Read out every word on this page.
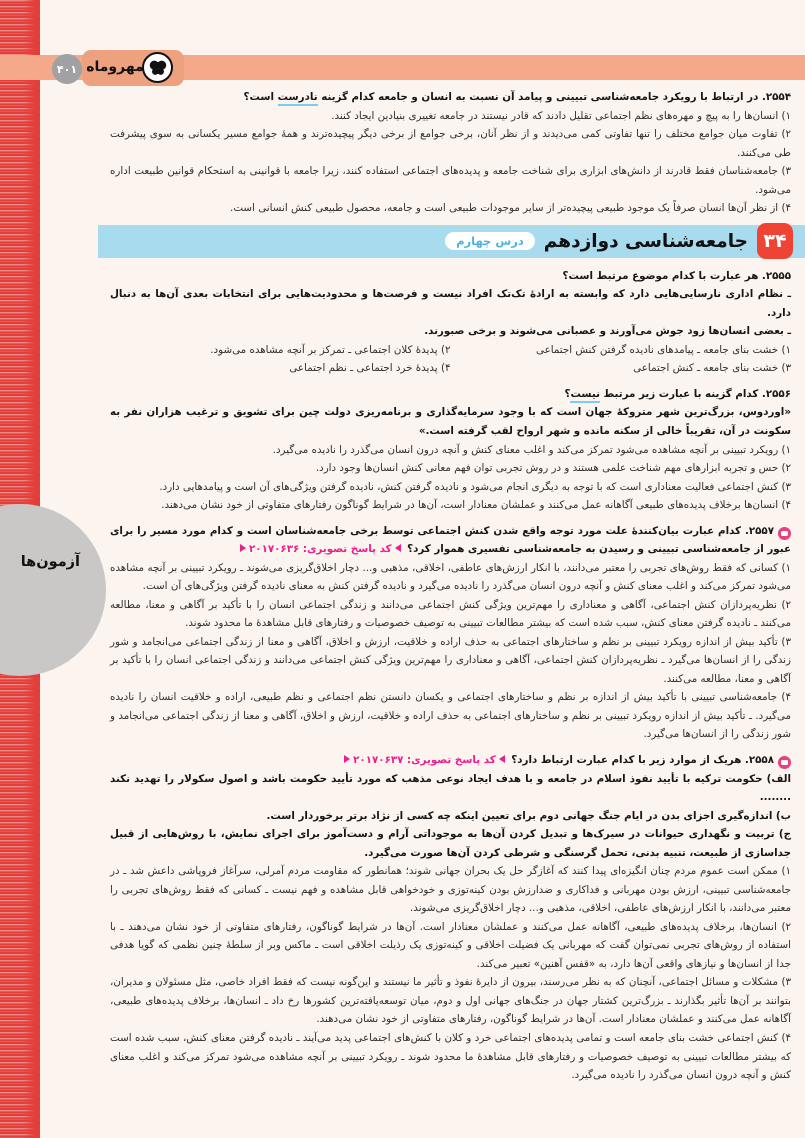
مهروماه
۴۰۱
آزمون‌ها

۲۵۵۴. در ارتباط با رویکرد جامعه‌شناسی تبیینی و پیامد آن نسبت به انسان و جامعه کدام گزینه نادرست است؟

۱) انسان‌ها را به پیچ و مهره‌های نظم اجتماعی تقلیل دادند که قادر نیستند در جامعه تغییری بنیادین ایجاد کنند.

۲) تفاوت میان جوامع مختلف را تنها تفاوتی کمی می‌دیدند و از نظر آنان، برخی جوامع از برخی دیگر پیچیده‌ترند و همهٔ جوامع مسیر یکسانی به سوی پیشرفت طی می‌کنند.

۳) جامعه‌شناسان فقط قادرند از دانش‌های ابزاری برای شناخت جامعه و پدیده‌های اجتماعی استفاده کنند، زیرا جامعه با قوانینی به استحکام قوانین طبیعت اداره می‌شود.

۴) از نظر آن‌ها انسان صرفاً یک موجود طبیعی پیچیده‌تر از سایر موجودات طبیعی است و جامعه، محصول طبیعی کنش انسانی است.

۳۴
جامعه‌شناسی دوازدهم
درس چهارم

۲۵۵۵. هر عبارت با کدام موضوع مرتبط است؟

ـ نظام اداری نارسایی‌هایی دارد که وابسته به ارادهٔ تک‌تک افراد نیست و فرصت‌ها و محدودیت‌هایی برای انتخابات بعدی آن‌ها به دنبال دارد.

ـ بعضی انسان‌ها زود جوش می‌آورند و عصبانی می‌شوند و برخی صبورند.

۱) خشت بنای جامعه ـ پیامدهای نادیده گرفتن کنش اجتماعی

۲) پدیدهٔ کلان اجتماعی ـ تمرکز بر آنچه مشاهده می‌شود.

۳) خشت بنای جامعه ـ کنش اجتماعی

۴) پدیدهٔ خرد اجتماعی ـ نظم اجتماعی

۲۵۵۶. کدام گزینه با عبارت زیر مرتبط نیست؟

«اوردوس، بزرگ‌ترین شهر متروکهٔ جهان است که با وجود سرمایه‌گذاری و برنامه‌ریزی دولت چین برای تشویق و ترغیب هزاران نفر به سکونت در آن، تقریباً خالی از سکنه مانده و شهر ارواح لقب گرفته است.»

۱) رویکرد تبیینی بر آنچه مشاهده می‌شود تمرکز می‌کند و اغلب معنای کنش و آنچه درون انسان می‌گذرد را نادیده می‌گیرد.

۲) حس و تجربه ابزارهای مهم شناخت علمی هستند و در روش تجربی توان فهم معانی کنش انسان‌ها وجود دارد.

۳) کنش اجتماعی فعالیت معناداری است که با توجه به دیگری انجام می‌شود و نادیده گرفتن کنش، نادیده گرفتن ویژگی‌های آن است و پیامدهایی دارد.

۴) انسان‌ها برخلاف پدیده‌های طبیعی آگاهانه عمل می‌کنند و عملشان معنادار است، آن‌ها در شرایط گوناگون رفتارهای متفاوتی از خود نشان می‌دهند.

۲۵۵۷. کدام عبارت بیان‌کنندهٔ علت مورد توجه واقع شدن کنش اجتماعی توسط برخی جامعه‌شناسان است و کدام مورد مسیر را برای عبور از جامعه‌شناسی تبیینی و رسیدن به جامعه‌شناسی تفسیری هموار کرد؟ کد پاسخ تصویری: ۲۰۱۷۰۶۳۶

۱) کسانی که فقط روش‌های تجربی را معتبر می‌دانند، با انکار ارزش‌های عاطفی، اخلاقی، مذهبی و... دچار اخلاق‌گریزی می‌شوند ـ رویکرد تبیینی بر آنچه مشاهده می‌شود تمرکز می‌کند و اغلب معنای کنش و آنچه درون انسان می‌گذرد را نادیده می‌گیرد و نادیده گرفتن کنش به معنای نادیده گرفتن ویژگی‌های آن است.

۲) نظریه‌پردازان کنش اجتماعی، آگاهی و معناداری را مهم‌ترین ویژگی کنش اجتماعی می‌دانند و زندگی اجتماعی انسان را با تأکید بر آگاهی و معنا، مطالعه می‌کنند ـ نادیده گرفتن معنای کنش، سبب شده است که بیشتر مطالعات تبیینی به توصیف خصوصیات و رفتارهای قابل مشاهدهٔ ما محدود شوند.

۳) تأکید بیش از اندازه رویکرد تبیینی بر نظم و ساختارهای اجتماعی به حذف اراده و خلاقیت، ارزش و اخلاق، آگاهی و معنا از زندگی اجتماعی می‌انجامد و شور زندگی را از انسان‌ها می‌گیرد ـ نظریه‌پردازان کنش اجتماعی، آگاهی و معناداری را مهم‌ترین ویژگی کنش اجتماعی می‌دانند و زندگی اجتماعی انسان را با تأکید بر آگاهی و معنا، مطالعه می‌کنند.

۴) جامعه‌شناسی تبیینی با تأکید بیش از اندازه بر نظم و ساختارهای اجتماعی و یکسان دانستن نظم اجتماعی و نظم طبیعی، اراده و خلاقیت انسان را نادیده می‌گیرد. ـ تأکید بیش از اندازه رویکرد تبیینی بر نظم و ساختارهای اجتماعی به حذف اراده و خلاقیت، ارزش و اخلاق، آگاهی و معنا از زندگی اجتماعی می‌انجامد و شور زندگی را از انسان‌ها می‌گیرد.

۲۵۵۸. هریک از موارد زیر با کدام عبارت ارتباط دارد؟ کد پاسخ تصویری: ۲۰۱۷۰۶۳۷

الف) حکومت ترکیه با تأیید نفوذ اسلام در جامعه و با هدف ایجاد نوعی مذهب که مورد تأیید حکومت باشد و اصول سکولار را تهدید نکند ........

ب) اندازه‌گیری اجزای بدن در ایام جنگ جهانی دوم برای تعیین اینکه چه کسی از نژاد برتر برخوردار است.

ج) تربیت و نگهداری حیوانات در سیرک‌ها و تبدیل کردن آن‌ها به موجوداتی آرام و دست‌آموز برای اجرای نمایش، با روش‌هایی از قبیل جداسازی از طبیعت، تنبیه بدنی، تحمل گرسنگی و شرطی کردن آن‌ها صورت می‌گیرد.

۱) ممکن است عموم مردم چنان انگیزه‌ای پیدا کنند که آغازگر حل یک بحران جهانی شوند؛ همانطور که مقاومت مردم آمرلی، سرآغاز فروپاشی داعش شد ـ در جامعه‌شناسی تبیینی، ارزش بودن مهربانی و فداکاری و ضدارزش بودن کینه‌توزی و خودخواهی قابل مشاهده و فهم نیست ـ کسانی که فقط روش‌های تجربی را معتبر می‌دانند، با انکار ارزش‌های عاطفی، اخلاقی، مذهبی و... دچار اخلاق‌گریزی می‌شوند.

۲) انسان‌ها، برخلاف پدیده‌های طبیعی، آگاهانه عمل می‌کنند و عملشان معنادار است. آن‌ها در شرایط گوناگون، رفتارهای متفاوتی از خود نشان می‌دهند ـ با استفاده از روش‌های تجربی نمی‌توان گفت که مهربانی یک فضیلت اخلاقی و کینه‌توزی یک رذیلت اخلاقی است ـ ماکس وبر از سلطهٔ چنین نظمی که گویا هدفی جدا از انسان‌ها و نیازهای واقعی آن‌ها دارد، به «قفس آهنین» تعبیر می‌کند.

۳) مشکلات و مسائل اجتماعی، آنچنان که به نظر می‌رسند، بیرون از دایرهٔ نفوذ و تأثیر ما نیستند و این‌گونه نیست که فقط افراد خاصی، مثل مسئولان و مدیران، بتوانند بر آن‌ها تأثیر بگذارند ـ بزرگ‌ترین کشتار جهان در جنگ‌های جهانی اول و دوم، میان توسعه‌یافته‌ترین کشورها رخ داد ـ انسان‌ها، برخلاف پدیده‌های طبیعی، آگاهانه عمل می‌کنند و عملشان معنادار است. آن‌ها در شرایط گوناگون، رفتارهای متفاوتی از خود نشان می‌دهند.

۴) کنش اجتماعی خشت بنای جامعه است و تمامی پدیده‌های اجتماعی خرد و کلان با کنش‌های اجتماعی پدید می‌آیند ـ نادیده گرفتن معنای کنش، سبب شده است که بیشتر مطالعات تبیینی به توصیف خصوصیات و رفتارهای قابل مشاهدهٔ ما محدود شوند ـ رویکرد تبیینی بر آنچه مشاهده می‌شود تمرکز می‌کند و اغلب معنای کنش و آنچه درون انسان می‌گذرد را نادیده می‌گیرد.
